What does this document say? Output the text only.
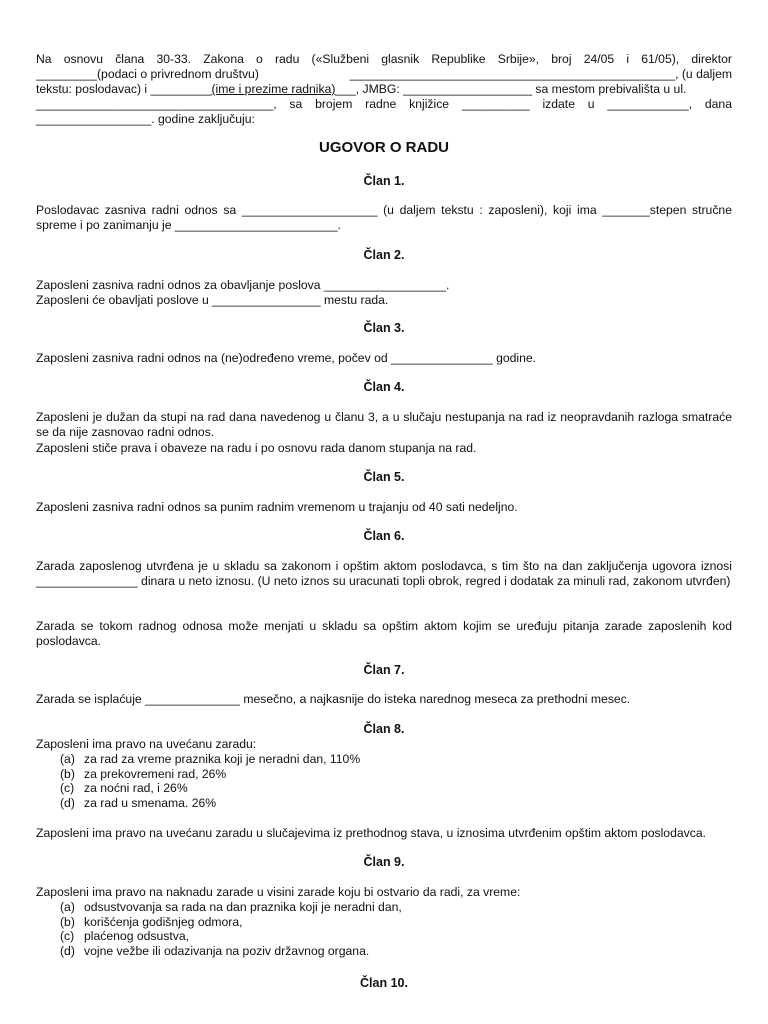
Na osnovu člana 30-33. Zakona o radu («Službeni glasnik Republike Srbije», broj 24/05 i 61/05), direktor

_________(podaci o privrednom društvu)	________________________________________________, (u daljem
tekstu: poslodavac) i _________(ime i prezime radnika)___, JMBG: ___________________ sa mestom prebivališta u ul.

___________________________________, sa brojem radne knjižice __________ izdate u ____________, dana

_________________. godine zaključuju:

UGOVOR O RADU
Član 1.

Poslodavac zasniva radni odnos sa ____________________ (u daljem tekstu : zaposleni), koji ima _______stepen stručne spreme i po zanimanju je ________________________.

Član 2.

Zaposleni zasniva radni odnos za obavljanje poslova __________________.

Zaposleni će obavljati poslove u ________________ mestu rada.

Član 3.

Zaposleni zasniva radni odnos na (ne)određeno vreme, počev od _______________ godine.

Član 4.

Zaposleni je dužan da stupi na rad dana navedenog u članu 3, a u slučaju nestupanja na rad iz neopravdanih razloga smatraće se da nije zasnovao radni odnos.

Zaposleni stiče prava i obaveze na radu i po osnovu rada danom stupanja na rad.

Član 5.

Zaposleni zasniva radni odnos sa punim radnim vremenom u trajanju od 40 sati nedeljno.

Član 6.

Zarada zaposlenog utvrđena je u skladu sa zakonom i opštim aktom poslodavca, s tim što na dan zaključenja ugovora iznosi _______________ dinara u neto iznosu. (U neto iznos su uracunati topli obrok, regred i dodatak za minuli rad, zakonom utvrđen)

Zarada se tokom radnog odnosa može menjati u skladu sa opštim aktom kojim se uređuju pitanja zarade zaposlenih kod poslodavca.

Član 7.

Zarada se isplaćuje ______________ mesečno, a najkasnije do isteka narednog meseca za prethodni mesec.

Član 8.

Zaposleni ima pravo na uvećanu zaradu:

(a) za rad za vreme praznika koji je neradni dan, 110%
(b) za prekovremeni rad, 26%
(c) za noćni rad, i 26%
(d) za rad u smenama. 26%

Zaposleni ima pravo na uvećanu zaradu u slučajevima iz prethodnog stava, u iznosima utvrđenim opštim aktom poslodavca.

Član 9.

Zaposleni ima pravo na naknadu zarade u visini zarade koju bi ostvario da radi, za vreme:

(a) odsustvovanja sa rada na dan praznika koji je neradni dan,
(b) korišćenja godišnjeg odmora,
(c) plaćenog odsustva,
(d) vojne vežbe ili odazivanja na poziv državnog organa.
Član 10.
